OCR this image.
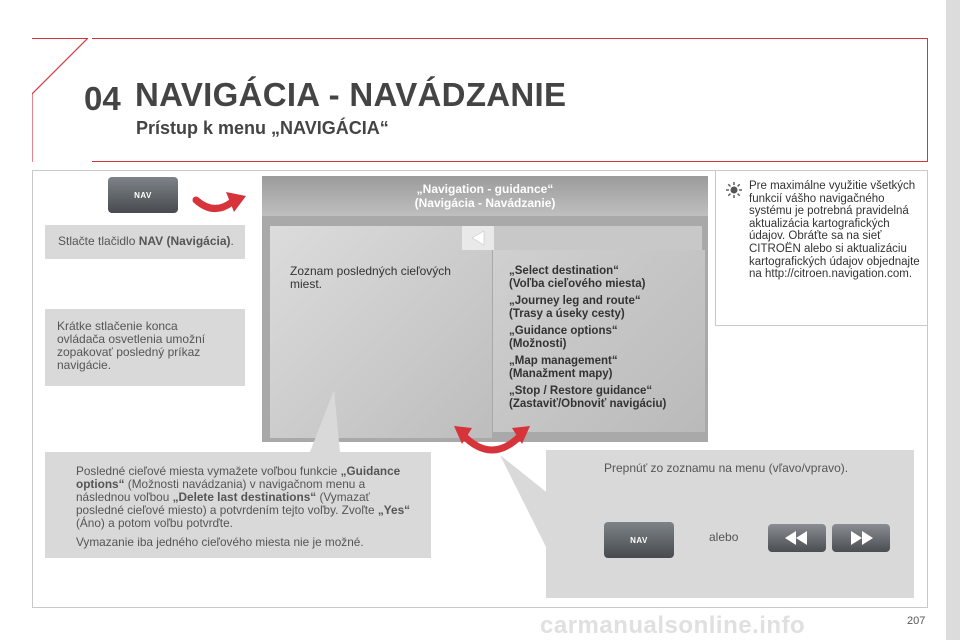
04 NAVIGÁCIA - NAVÁDZANIE
Prístup k menu „NAVIGÁCIA“
NAV
Stlačte tlačidlo NAV (Navigácia).
Krátke stlačenie konca ovládača osvetlenia umožní zopakovať posledný príkaz navigácie.
„Navigation - guidance“
(Navigácia - Navádzanie)
Zoznam posledných cieľových miest.
„Select destination“
(Voľba cieľového miesta)
„Journey leg and route“
(Trasy a úseky cesty)
„Guidance options“
(Možnosti)
„Map management“
(Manažment mapy)
„Stop / Restore guidance“
(Zastaviť/Obnoviť navigáciu)
Pre maximálne využitie všetkých funkcií vášho navigačného systému je potrebná pravidelná aktualizácia kartografických údajov. Obráťte sa na sieť CITROËN alebo si aktualizáciu kartografických údajov objednajte na http://citroen.navigation.com.
Posledné cieľové miesta vymažete voľbou funkcie „Guidance options“ (Možnosti navádzania) v navigačnom menu a následnou voľbou „Delete last destinations“ (Vymazať posledné cieľové miesto) a potvrdením tejto voľby. Zvoľte „Yes“ (Áno) a potom voľbu potvrďte.
Vymazanie iba jedného cieľového miesta nie je možné.
Prepnúť zo zoznamu na menu (vľavo/vpravo).
alebo
NAV
carmanualsonline.info	207
